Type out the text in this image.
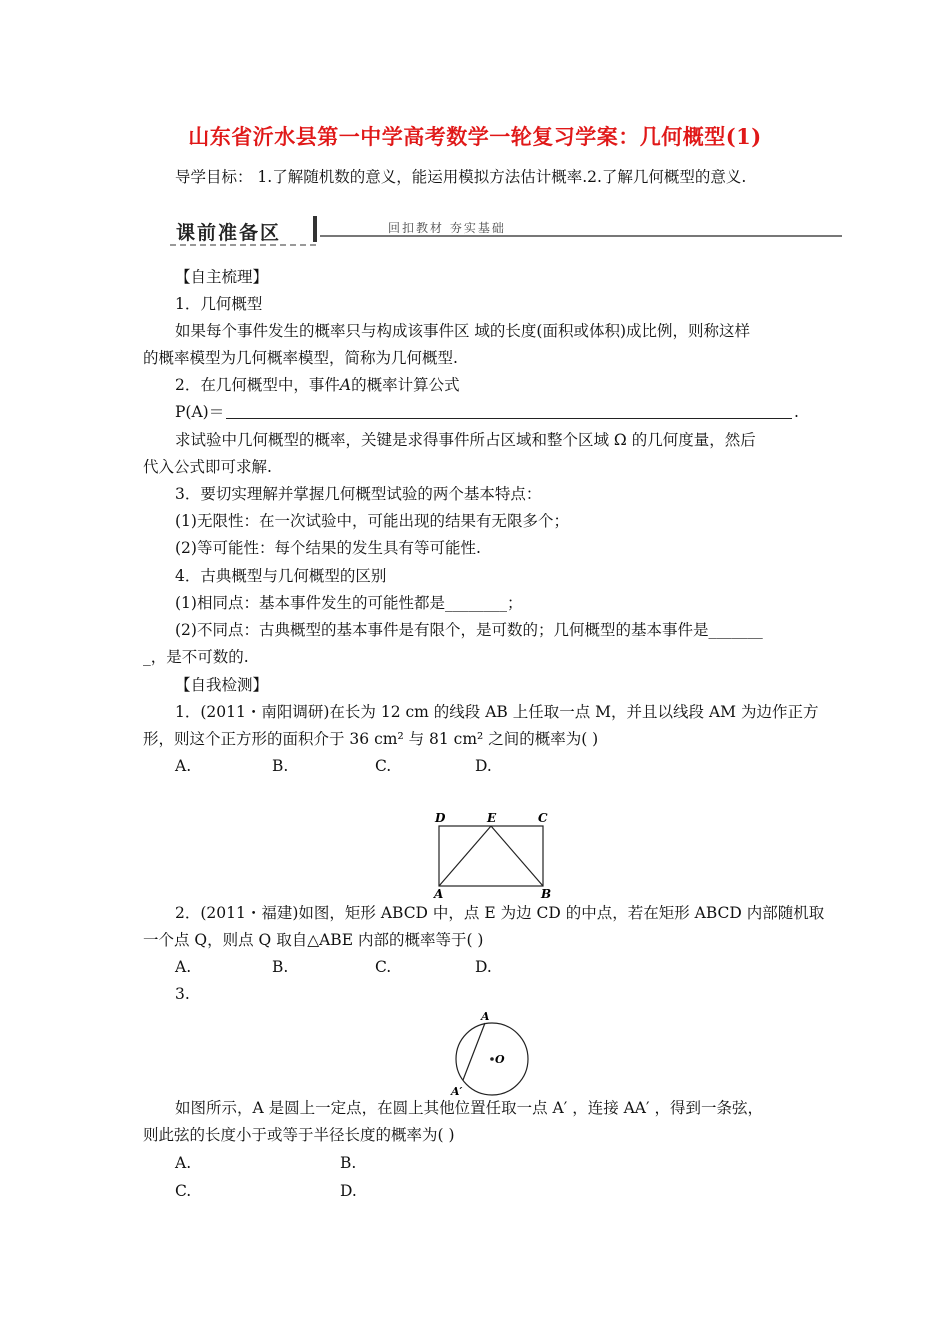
山东省沂水县第一中学高考数学一轮复习学案：几何概型(1)
导学目标： 1.了解随机数的意义，能运用模拟方法估计概率.2.了解几何概型的意义.
课前准备区	回扣教材 夯实基础
【自主梳理】
1．几何概型
如果每个事件发生的概率只与构成该事件区 域的长度(面积或体积)成比例，则称这样
的概率模型为几何概率模型，简称为几何概型.
2．在几何概型中，事件A的概率计算公式
P(A)＝	.
求试验中几何概型的概率，关键是求得事件所占区域和整个区域 Ω 的几何度量，然后
代入公式即可求解.
3．要切实理解并掌握几何概型试验的两个基本特点：
(1)无限性：在一次试验中，可能出现的结果有无限多个；
(2)等可能性：每个结果的发生具有等可能性.
4．古典概型与几何概型的区别
(1)相同点：基本事件发生的可能性都是________；
(2)不同点：古典概型的基本事件是有限个，是可数的；几何概型的基本事件是_______
_，是不可数的.
【自我检测】
1．(2011・南阳调研)在长为 12 cm 的线段 AB 上任取一点 M，并且以线段 AM 为边作正方
形，则这个正方形的面积介于 36 cm² 与 81 cm² 之间的概率为( )
A.	B.	C.	D.
D	E	C
A	B
2．(2011・福建)如图，矩形 ABCD 中，点 E 为边 CD 的中点，若在矩形 ABCD 内部随机取
一个点 Q，则点 Q 取自△ABE 内部的概率等于( )
A.	B.	C.	D.
3.
A
O
A′
如图所示，A 是圆上一定点，在圆上其他位置任取一点 A′ ，连接 AA′ ，得到一条弦，
则此弦的长度小于或等于半径长度的概率为( )
A.	B.
C.	D.
